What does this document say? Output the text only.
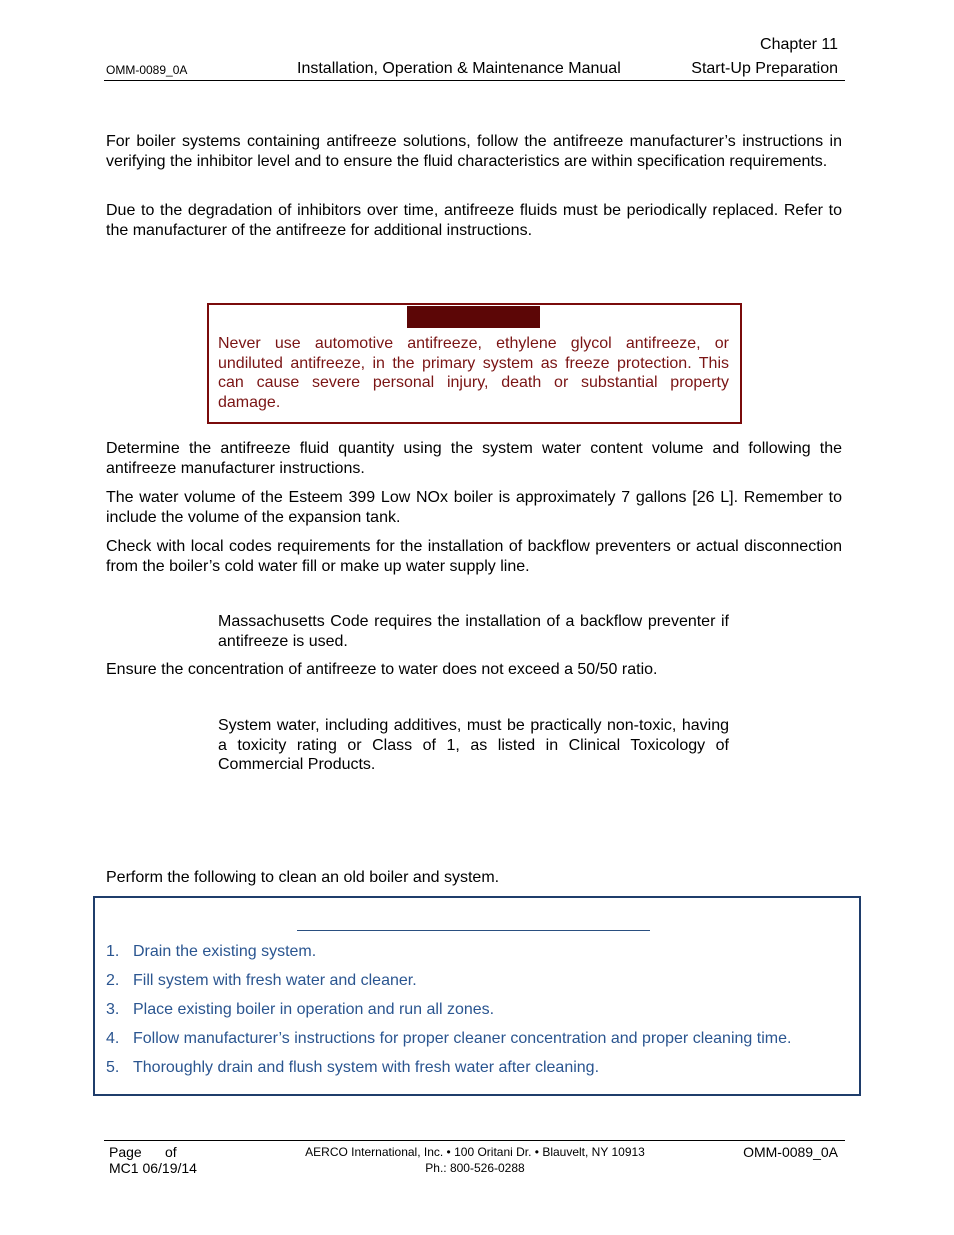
Chapter 11
OMM-0089_0A	Installation, Operation & Maintenance Manual	Start-Up Preparation

For boiler systems containing antifreeze solutions, follow the antifreeze manufacturer’s instructions in verifying the inhibitor level and to ensure the fluid characteristics are within specification requirements.

Due to the degradation of inhibitors over time, antifreeze fluids must be periodically replaced. Refer to the manufacturer of the antifreeze for additional instructions.

Never use automotive antifreeze, ethylene glycol antifreeze, or undiluted antifreeze, in the primary system as freeze protection. This can cause severe personal injury, death or substantial property damage.

Determine the antifreeze fluid quantity using the system water content volume and following the antifreeze manufacturer instructions.

The water volume of the Esteem 399 Low NOx boiler is approximately 7 gallons [26 L]. Remember to include the volume of the expansion tank.

Check with local codes requirements for the installation of backflow preventers or actual disconnection from the boiler’s cold water fill or make up water supply line.

Massachusetts Code requires the installation of a backflow preventer if antifreeze is used.

Ensure the concentration of antifreeze to water does not exceed a 50/50 ratio.

System water, including additives, must be practically non-toxic, having a toxicity rating or Class of 1, as listed in Clinical Toxicology of Commercial Products.

Perform the following to clean an old boiler and system.

1. Drain the existing system.
2. Fill system with fresh water and cleaner.
3. Place existing boiler in operation and run all zones.
4. Follow manufacturer’s instructions for proper cleaner concentration and proper cleaning time.
5. Thoroughly drain and flush system with fresh water after cleaning.
Page of
MC1 06/19/14
AERCO International, Inc. • 100 Oritani Dr. • Blauvelt, NY 10913
Ph.: 800-526-0288
OMM-0089_0A
